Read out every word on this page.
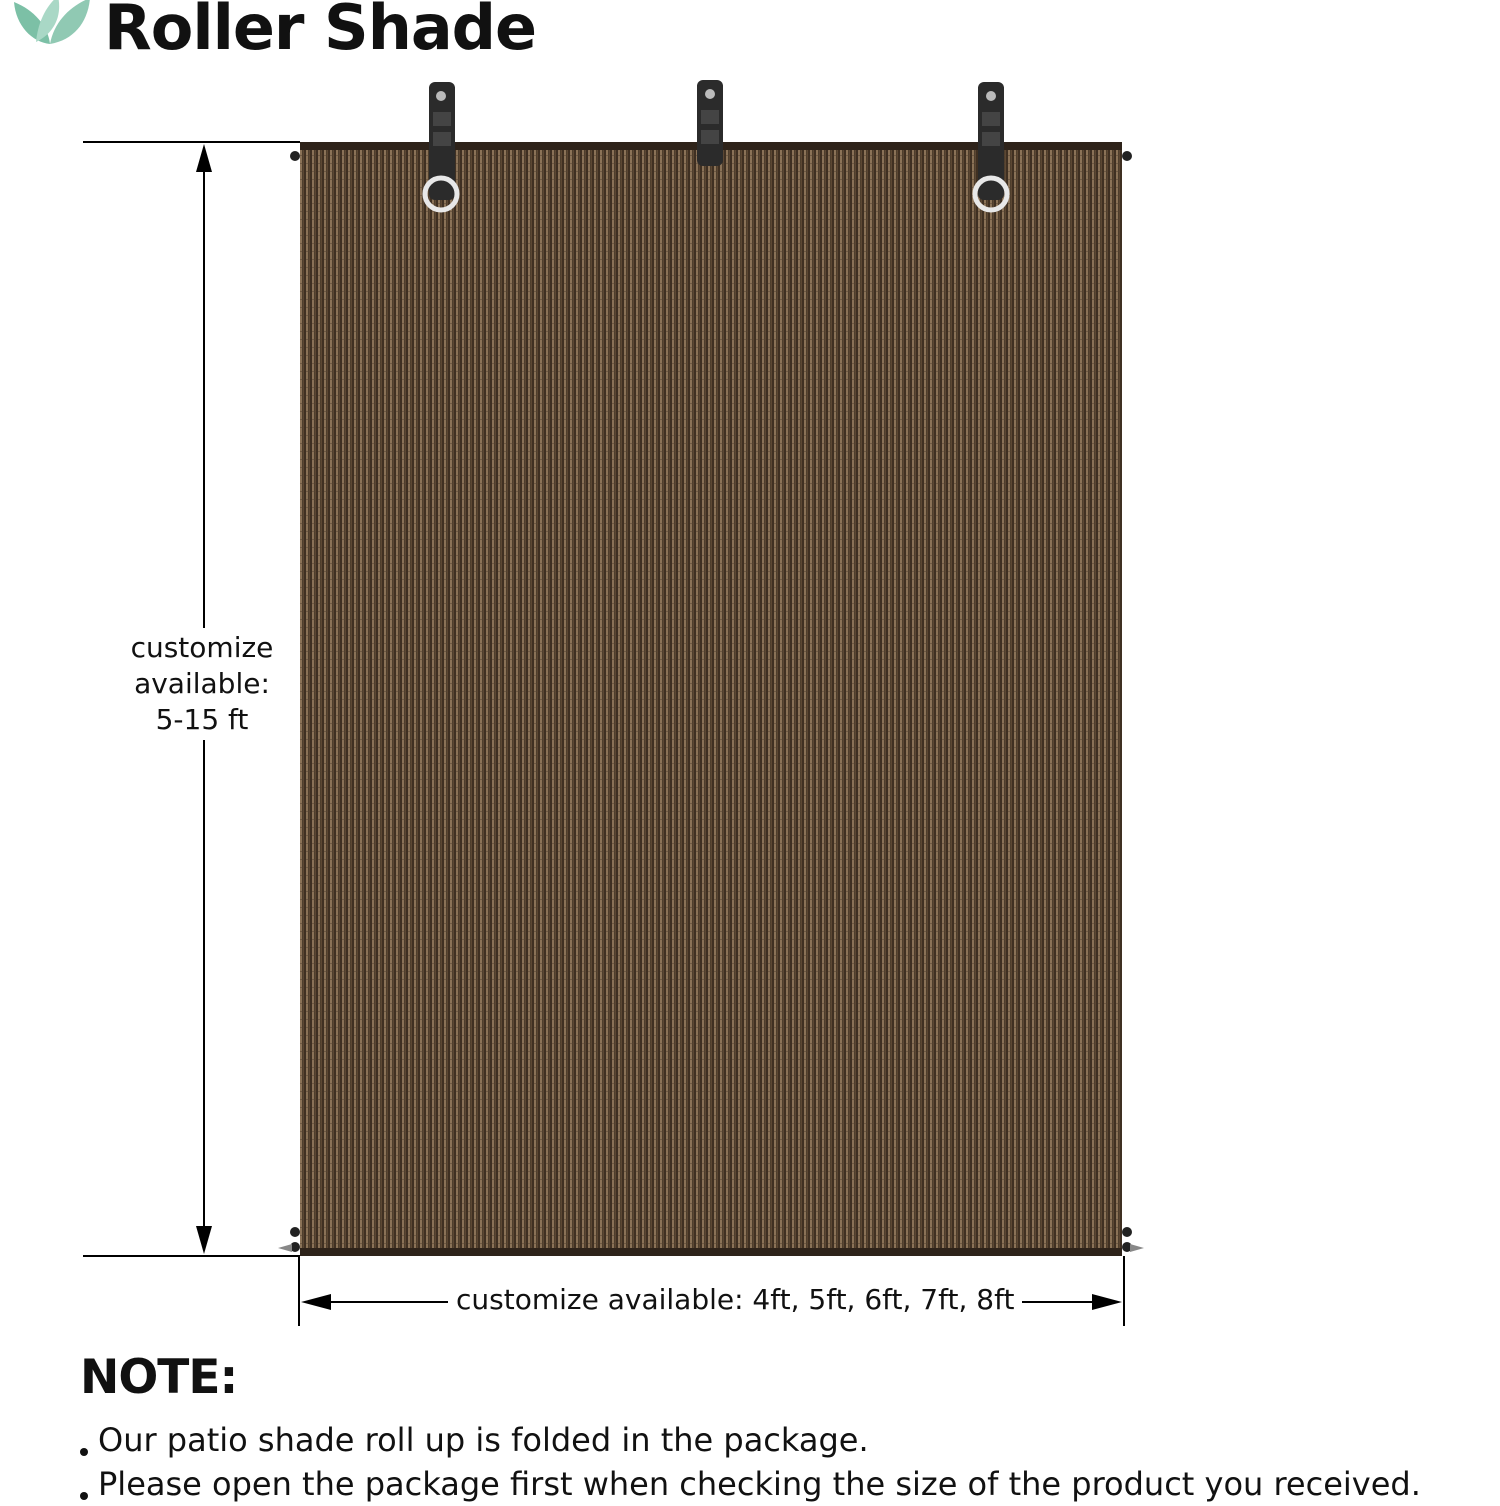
Roller Shade
customize
available:
5-15 ft
customize available: 4ft, 5ft, 6ft, 7ft, 8ft
NOTE:
Our patio shade roll up is folded in the package.
Please open the package first when checking the size of the product you received.
